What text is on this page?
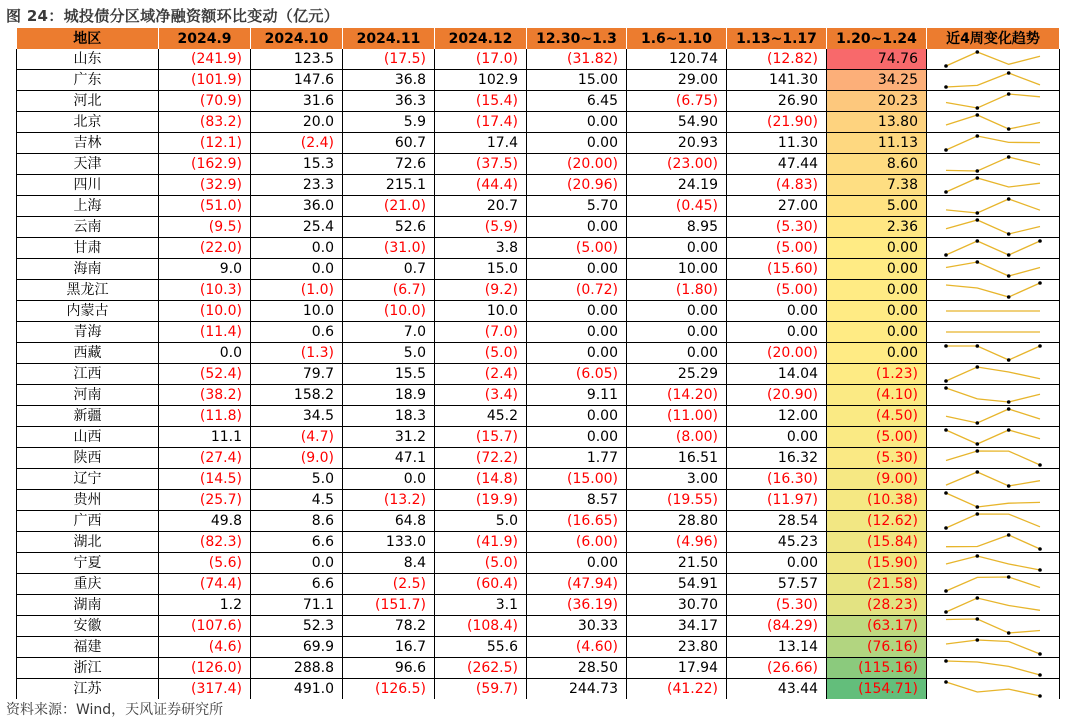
图 24：城投债分区域净融资额环比变动（亿元）
地区	2024.9	2024.10	2024.11	2024.12	12.30~1.3	1.6~1.10	1.13~1.17	1.20~1.24	近4周变化趋势
山东	(241.9)	123.5	(17.5)	(17.0)	(31.82)	120.74	(12.82)	74.76	

广东	(101.9)	147.6	36.8	102.9	15.00	29.00	141.30	34.25	

河北	(70.9)	31.6	36.3	(15.4)	6.45	(6.75)	26.90	20.23	

北京	(83.2)	20.0	5.9	(17.4)	0.00	54.90	(21.90)	13.80	

吉林	(12.1)	(2.4)	60.7	17.4	0.00	20.93	11.30	11.13	

天津	(162.9)	15.3	72.6	(37.5)	(20.00)	(23.00)	47.44	8.60	

四川	(32.9)	23.3	215.1	(44.4)	(20.96)	24.19	(4.83)	7.38	

上海	(51.0)	36.0	(21.0)	20.7	5.70	(0.45)	27.00	5.00	

云南	(9.5)	25.4	52.6	(5.9)	0.00	8.95	(5.30)	2.36	

甘肃	(22.0)	0.0	(31.0)	3.8	(5.00)	0.00	(5.00)	0.00	

海南	9.0	0.0	0.7	15.0	0.00	10.00	(15.60)	0.00	

黑龙江	(10.3)	(1.0)	(6.7)	(9.2)	(0.72)	(1.80)	(5.00)	0.00	

内蒙古	(10.0)	10.0	(10.0)	10.0	0.00	0.00	0.00	0.00	

青海	(11.4)	0.6	7.0	(7.0)	0.00	0.00	0.00	0.00	

西藏	0.0	(1.3)	5.0	(5.0)	0.00	0.00	(20.00)	0.00	

江西	(52.4)	79.7	15.5	(2.4)	(6.05)	25.29	14.04	(1.23)	

河南	(38.2)	158.2	18.9	(3.4)	9.11	(14.20)	(20.90)	(4.10)	

新疆	(11.8)	34.5	18.3	45.2	0.00	(11.00)	12.00	(4.50)	

山西	11.1	(4.7)	31.2	(15.7)	0.00	(8.00)	0.00	(5.00)	

陕西	(27.4)	(9.0)	47.1	(72.2)	1.77	16.51	16.32	(5.30)	

辽宁	(14.5)	5.0	0.0	(14.8)	(15.00)	3.00	(16.30)	(9.00)	

贵州	(25.7)	4.5	(13.2)	(19.9)	8.57	(19.55)	(11.97)	(10.38)	

广西	49.8	8.6	64.8	5.0	(16.65)	28.80	28.54	(12.62)	

湖北	(82.3)	6.6	133.0	(41.9)	(6.00)	(4.96)	45.23	(15.84)	

宁夏	(5.6)	0.0	8.4	(5.0)	0.00	21.50	0.00	(15.90)	

重庆	(74.4)	6.6	(2.5)	(60.4)	(47.94)	54.91	57.57	(21.58)	

湖南	1.2	71.1	(151.7)	3.1	(36.19)	30.70	(5.30)	(28.23)	

安徽	(107.6)	52.3	78.2	(108.4)	30.33	34.17	(84.29)	(63.17)	

福建	(4.6)	69.9	16.7	55.6	(4.60)	23.80	13.14	(76.16)	

浙江	(126.0)	288.8	96.6	(262.5)	28.50	17.94	(26.66)	(115.16)	

江苏	(317.4)	491.0	(126.5)	(59.7)	244.73	(41.22)	43.44	(154.71)	
资料来源：Wind，天风证券研究所
